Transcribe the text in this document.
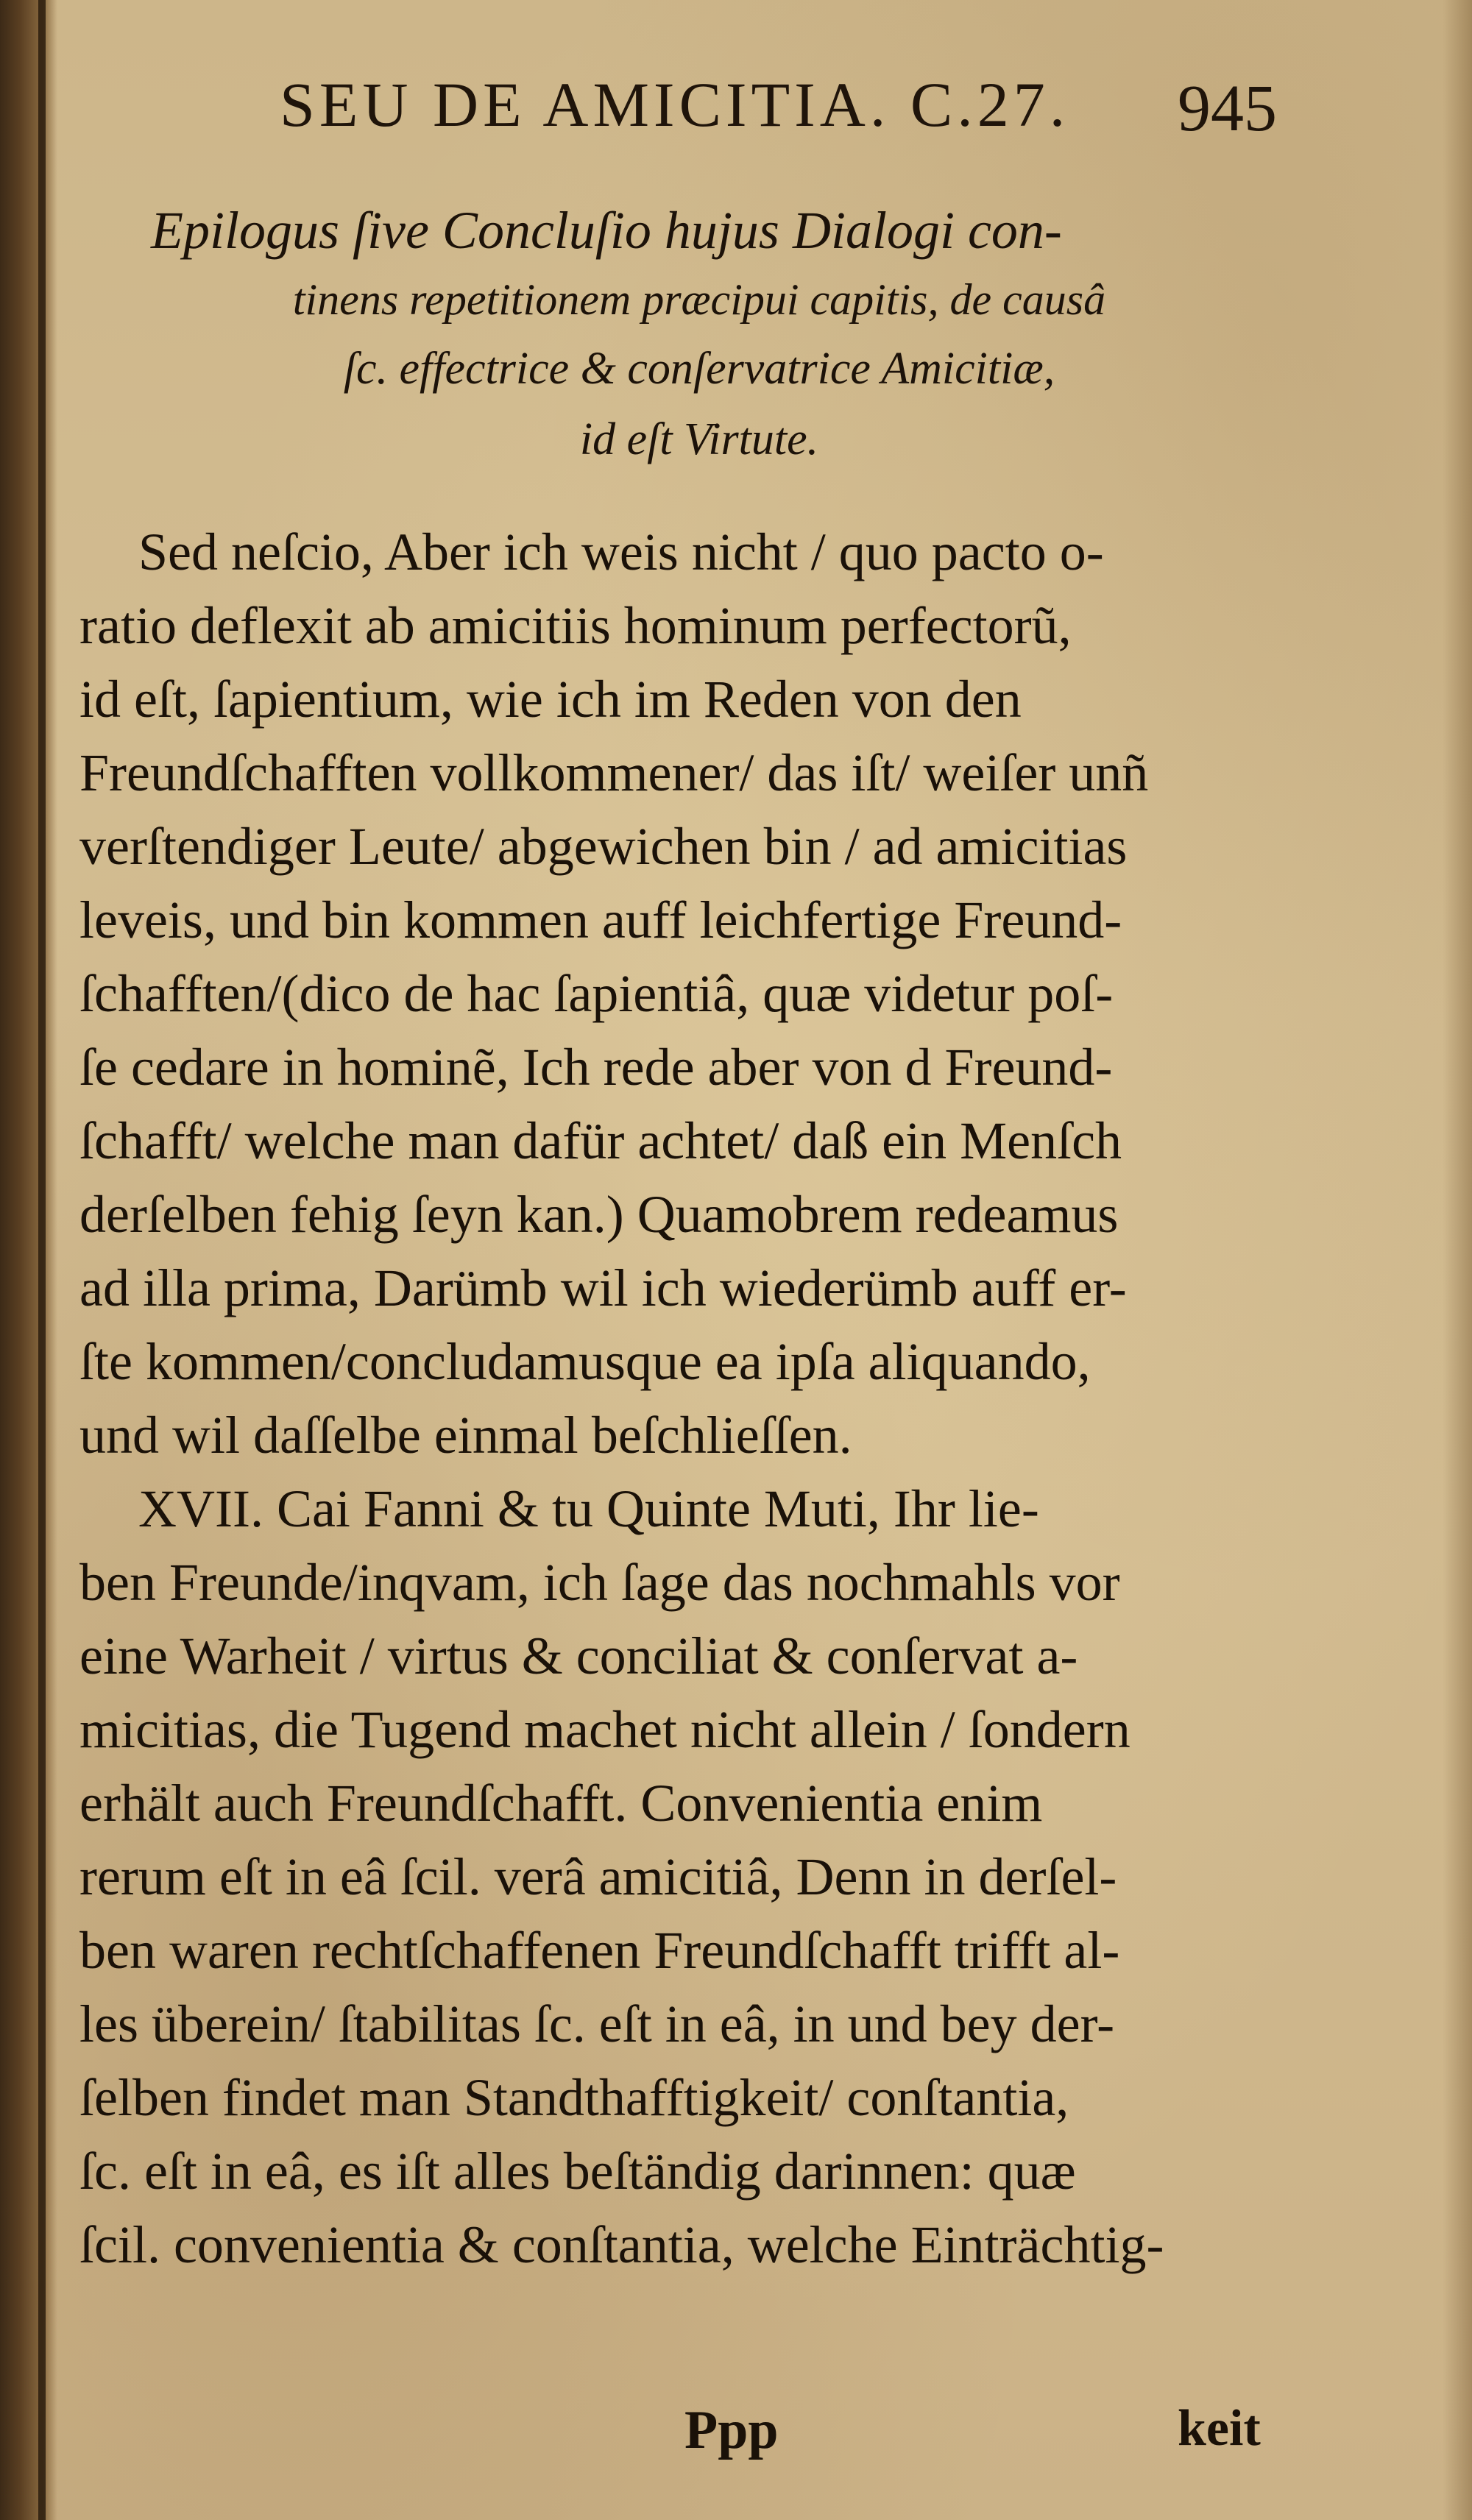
SEU DE AMICITIA. C.27. 945
Epilogus ſive Concluſio hujus Dialogi con-
tinens repetitionem præcipui capitis, de causâ
ſc. effectrice & conſervatrice Amicitiæ,
id eſt Virtute.
Sed neſcio, Aber ich weis nicht / quo pacto o-
ratio deflexit ab amicitiis hominum perfectorũ,
id eſt, ſapientium, wie ich im Reden von den
Freundſchafften vollkommener/ das iſt/ weiſer unñ
verſtendiger Leute/ abgewichen bin / ad amicitias
leveis, und bin kommen auff leichfertige Freund-
ſchafften/(dico de hac ſapientiâ, quæ videtur poſ-
ſe cedare in hominẽ, Ich rede aber von d Freund-
ſchafft/ welche man dafür achtet/ daß ein Menſch
derſelben fehig ſeyn kan.) Quamobrem redeamus
ad illa prima, Darümb wil ich wiederümb auff er-
ſte kommen/concludamusque ea ipſa aliquando,
und wil daſſelbe einmal beſchlieſſen.
XVII. Cai Fanni & tu Quinte Muti, Ihr lie-
ben Freunde/inqvam, ich ſage das nochmahls vor
eine Warheit / virtus & conciliat & conſervat a-
micitias, die Tugend machet nicht allein / ſondern
erhält auch Freundſchafft. Convenientia enim
rerum eſt in eâ ſcil. verâ amicitiâ, Denn in derſel-
ben waren rechtſchaffenen Freundſchafft trifft al-
les überein/ ſtabilitas ſc. eſt in eâ, in und bey der-
ſelben findet man Standthafftigkeit/ conſtantia,
ſc. eſt in eâ, es iſt alles beſtändig darinnen: quæ
ſcil. convenientia & conſtantia, welche Einträchtig-
Ppp	keit
